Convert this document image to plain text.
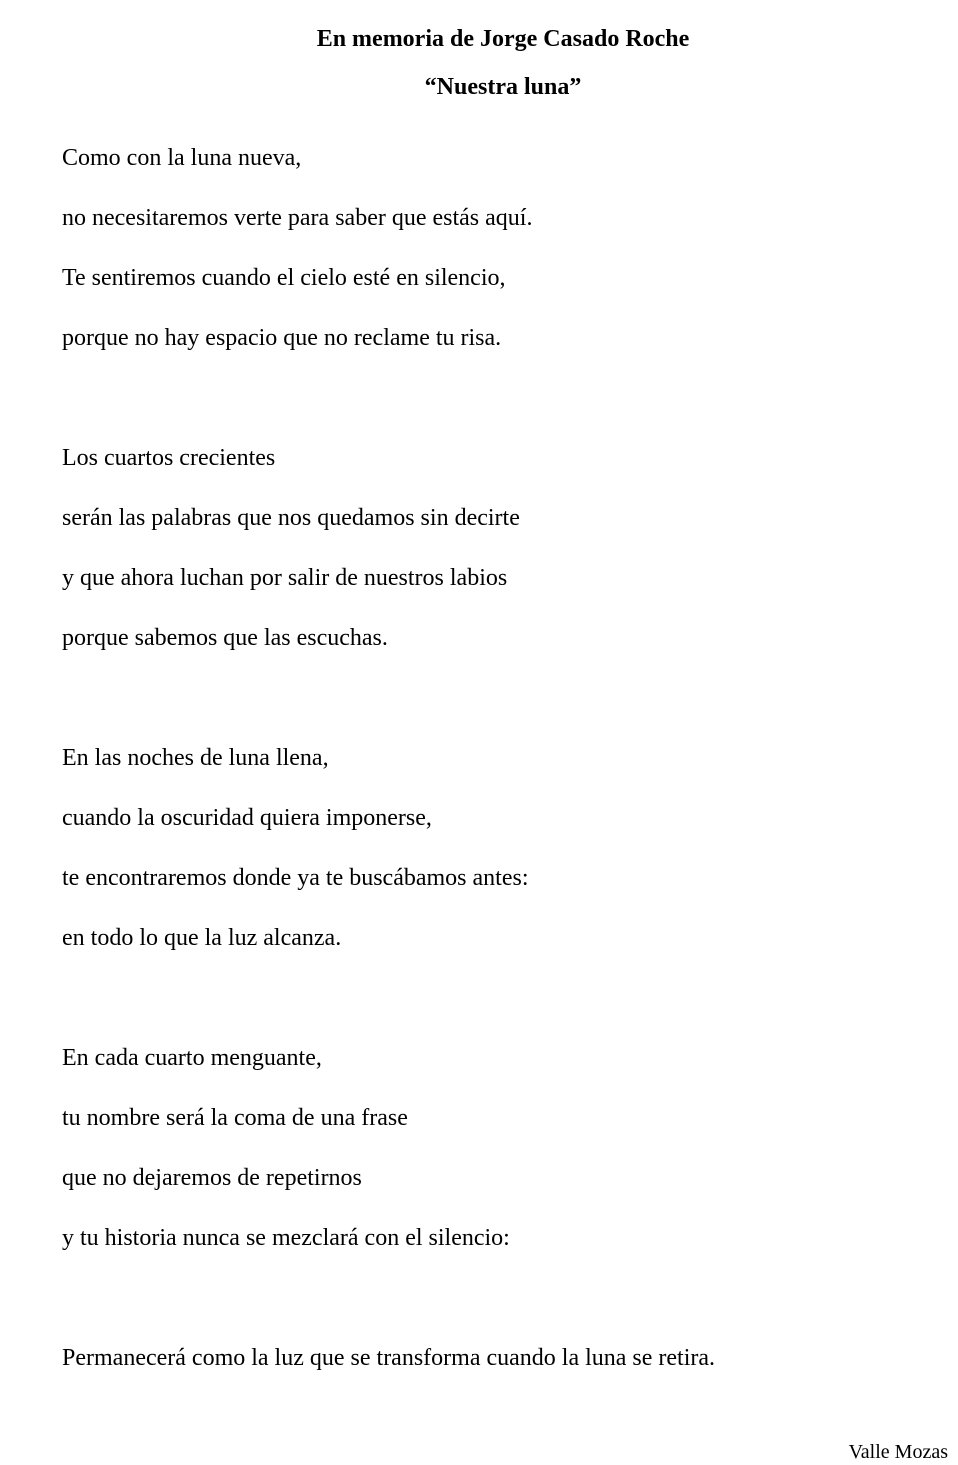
En memoria de Jorge Casado Roche
“Nuestra luna”
Como con la luna nueva,
no necesitaremos verte para saber que estás aquí.
Te sentiremos cuando el cielo esté en silencio,
porque no hay espacio que no reclame tu risa.
Los cuartos crecientes
serán las palabras que nos quedamos sin decirte
y que ahora luchan por salir de nuestros labios
porque sabemos que las escuchas.
En las noches de luna llena,
cuando la oscuridad quiera imponerse,
te encontraremos donde ya te buscábamos antes:
en todo lo que la luz alcanza.
En cada cuarto menguante,
tu nombre será la coma de una frase
que no dejaremos de repetirnos
y tu historia nunca se mezclará con el silencio:
Permanecerá como la luz que se transforma cuando la luna se retira.
Valle Mozas
